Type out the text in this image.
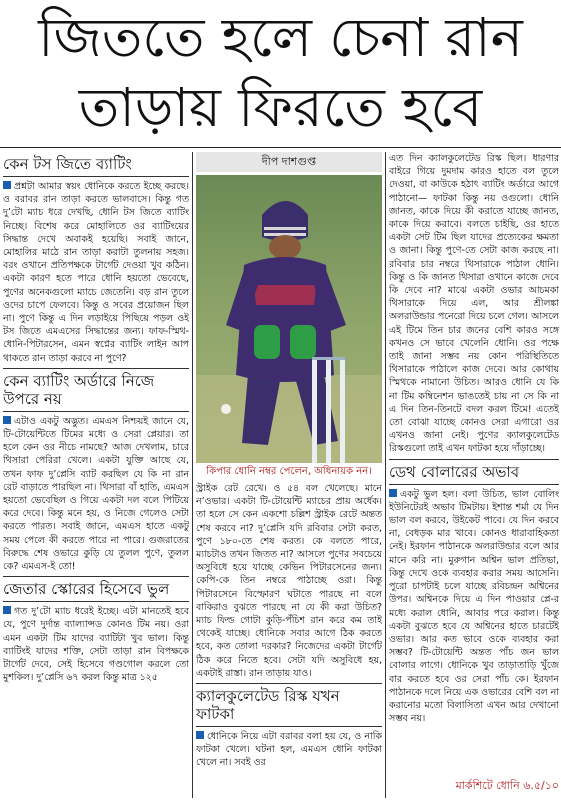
জিততে হলে চেনা রান
তাড়ায় ফিরতে হবে
কেন টস জিতে ব্যাটিং

প্রশ্নটা আমার স্বয়ং ধোনিকে করতে ইচ্ছে করছে। ও বরাবর রান তাড়া করতে ভালবাসে। কিন্তু গত দু’টো ম্যাচ ধরে দেখছি, ধোনি টস জিতে ব্যাটিং নিচ্ছে। বিশেষ করে মোহালিতে ওর ব্যাটিংয়ের সিদ্ধান্ত দেখে অবাকই হয়েছি। সবাই জানে, মোহালির মাঠে রান তাড়া করাটা তুলনায় সহজ। বরং ওখানে প্রতিপক্ষকে টার্গেট দেওয়া খুব কঠিন। একটা কারণ হতে পারে ধোনি হয়তো ভেবেছে, পুণের অনেকগুলো ম্যাচে জেতেনি। বড় রান তুলে ওদের চাপে ফেলবে। কিন্তু ও সবের প্রয়োজন ছিল না। পুণে কিন্তু এ দিন লড়াইয়ে পিছিয়ে পড়ল ওই টস জিতে এমএসের সিদ্ধান্তের জন্য। ফাফ-স্মিথ-ধোনি-পিটারসেন, এমন স্বপ্নের ব্যাটিং লাইন আপ থাকতে রান তাড়া করবে না পুণে?

কেন ব্যাটিং অর্ডারে নিজে উপরে নয়

এটাও একটু অদ্ভুত। এমএস নিশ্চয়ই জানে যে, টি-টোয়েন্টিতে টিমের মধ্যে ও সেরা প্লেয়ার। তা হলে কেন ওর নীচে নামছে? আজ দেখলাম, চারে থিসারা পেরিরা খেলে। একটা যুক্তি আছে যে, তখন ফাফ দু’প্লেসি ব্যাট করছিল যে কি না রান রেট বাড়াতে পারছিল না। থিসারা বাঁ হাতি, এমএস হয়তো ভেবেছিল ও গিয়ে একটা দল বলে পিটিয়ে করে দেবে। কিন্তু মনে হয়, ও নিজে গেলেও সেটা করতে পারত। সবাই জানে, এমএস হাতে একটু সময় পেলে কী করতে পারে না পারে। গুজরাতের বিরুদ্ধে শেষ ওভারে কুড়ি যে তুলল পুণে, তুলল কে? এমএস-ই তো!

জেতার স্কোরের হিসেবে ভুল

গত দু’টো ম্যাচ ধরেই ইচ্ছে। এটা মানতেই হবে যে, পুণে দুর্দান্ত ব্যাল্যান্সড কোনও টিম নয়। ওরা এমন একটা টিম যাদের ব্যাটিটা খুব ভাল। কিন্তু ব্যাটিংই যাদের শক্তি, সেটা তাড়া রান বিপক্ষকে টার্গেট দেবে, সেই হিসেবে গণ্ডগোল করলে তো মুশকিল। দু’প্লেসি ৬৭ করল কিন্তু মাত্র ১২৫

দীপ দাশগুপ্ত
কিপার ধোনি নম্বর পেলেন, অধিনায়ক নন।

স্ট্রাইক রেট রেখে। ও ৫৪ বল খেলেছে। মানে ন’ওভার। একটা টি-টোয়েন্টি ম্যাচের প্রায় অর্ধেক। তা হলে সে কেন একশো চল্লিশ স্ট্রাইক রেটে অন্তত শেষ করবে না? দু’প্লেসি যদি রবিবার সেটা করত, পুণে ১৮০-তে শেষ করত। কে বলতে পারে, ম্যাচটাও তখন জিতত না? আসলে পুণের সবচেয়ে অসুবিধে হয়ে যাচ্ছে কেভিন পিটারসেনের জন্য। কেপি-কে তিন নম্বরে পাঠাচ্ছে ওরা। কিন্তু পিটারসেনে বিস্ফোরণ ঘটাতে পারছে না বলে বাকিরাও বুঝতে পারছে না যে কী করা উচিত? ম্যাচ ফিল্ড গোটা কুড়ি-পঁচিশ রান করে কম তাই থেকেই যাচ্ছে। ধোনিকে সবার আগে ঠিক করতে হবে, কত তোলা দরকার? নিজেদের একটা টার্গেট ঠিক করে নিতে হবে। সেটা যদি অসুবিধে হয়, একটাই রাস্তা। রান তাড়ায় যাও।

ক্যালকুলেটেড রিস্ক যখন ফাটকা

ধোনিকে নিয়ে এটা বরাবর বলা হয় যে, ও নাকি ফাটকা খেলে। ঘটনা হল, এমএস ধোনি ফাটকা খেলে না। সবই ওর

এত দিন ক্যালকুলেটেড রিস্ক ছিল। ধারণার বাইরে গিয়ে দুমদাম কারও হাতে বল তুলে দেওয়া, বা কাউকে হঠাৎ ব্যাটিং অর্ডারে আগে পাঠানো— ফাটকা কিন্তু নয় ওগুলো। ধোনি জানত, কাকে দিয়ে কী করাতে যাচ্ছে জানত, কাকে দিয়ে করাবে। বলতে চাইছি, ওর হাতে একটা সেট টিম ছিল যাদের প্রত্যেকের ক্ষমতা ও জানা। কিন্তু পুণে-তে সেটা কাজ করছে না। রবিবার চার নম্বরে থিসারাকে পাঠাল ধোনি। কিন্তু ও কি জানত থিসারা ওখানে কাজে দেবে কি দেবে না? মাঝে একটা ওভার আচমকা থিসারাকে দিয়ে এল, আর শ্রীলঙ্কা অলরাউন্ডার পনেরো দিয়ে চলে গেল। আসলে এই টিমে তিন চার জনের বেশি কারও সঙ্গে কখনও সে ভাবে খেলেনি ধোনি। ওর পক্ষে তাই জানা সম্ভব নয় কোন পরিস্থিতিতে থিসারাকে পাঠালে কাজ দেবে। আর কোথায় স্মিথকে নামানো উচিত। আরও ধোনি যে কি না টিম কম্বিনেশন ভাঙতেই চায় না সে কি না এ দিন তিন-তিনটে বদল করল টিমে! এতেই তো বোঝা যাচ্ছে কোনও সেরা এগারো ওর এখনও জানা নেই। পুণের ক্যালকুলেটেড রিস্কগুলো তাই এখন ফাটকা হয়ে দাঁড়াচ্ছে।

ডেথ বোলারের অভাব

একটু ভুল হল। বলা উচিত, ভাল বোলিং ইউনিটেরই অভাব টিমটায়। ইশান্ত শর্মা যে দিন ভাল বল করবে, উইকেট পাবে। যে দিন করবে না, বেধড়ক মার খাবে। কোনও ধারাবাহিকতা নেই। ইরফান পাঠানকে অলরাউন্ডার বলে আর মানে করি না। মুরুগান অশ্বিন ভাল প্রতিভা, কিন্তু দেখে ওকে ব্যবহার করার সময় আসেনি। পুরো চাপটাই চলে যাচ্ছে রবিচন্দ্রন অশ্বিনের উপর। অশ্বিনকে দিয়ে এ দিন পাওয়ার প্লে-র মধ্যে করাল ধোনি, আবার পরে করাল। কিন্তু একটা বুঝতে হবে যে অশ্বিনের হাতে চারটেই ওভার। আর কত ভাবে ওকে ব্যবহার করা সম্ভব? টি-টোয়েন্টি অন্তত পাঁচ জন ভাল বোলার লাগে। ধোনিকে খুব তাড়াতাড়ি খুঁজে বার করতে হবে ওর সেরা পাঁচ কে। ইরফান পাঠানকে দলে নিয়ে এক ওভারের বেশি বল না করানোর মতো বিলাসিতা এখন আর দেখানো সম্ভব নয়।

মার্কশিটে ধোনি ৬.৫/১০
